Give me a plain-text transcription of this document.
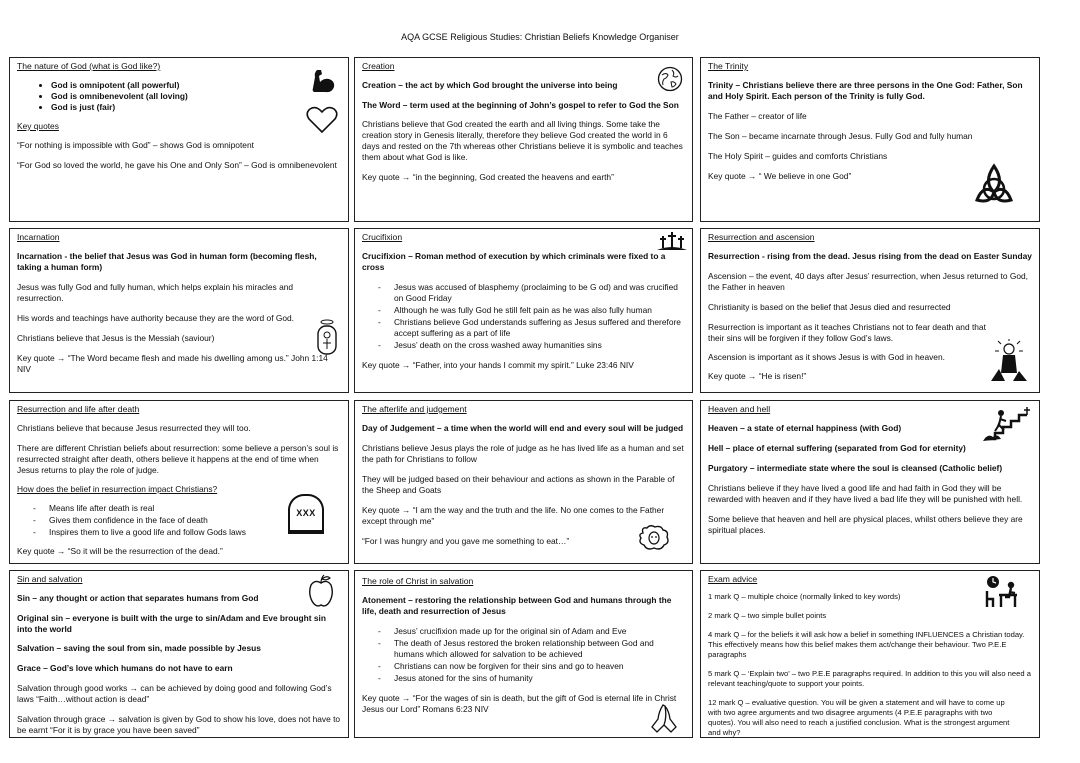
AQA GCSE Religious Studies: Christian Beliefs Knowledge Organiser
The nature of God (what is God like?)
• God is omnipotent (all powerful)
• God is omnibenevolent (all loving)
• God is just (fair)
Key quotes
“For nothing is impossible with God” – shows God is omnipotent
“For God so loved the world, he gave his One and Only Son” – God is omnibenevolent
Creation
Creation – the act by which God brought the universe into being
The Word – term used at the beginning of John’s gospel to refer to God the Son
Christians believe that God created the earth and all living things. Some take the creation story in Genesis literally, therefore they believe God created the world in 6 days and rested on the 7th whereas other Christians believe it is symbolic and teaches them about what God is like.
Key quote → “in the beginning, God created the heavens and earth”
The Trinity
Trinity – Christians believe there are three persons in the One God: Father, Son and Holy Spirit. Each person of the Trinity is fully God.
The Father – creator of life
The Son – became incarnate through Jesus. Fully God and fully human
The Holy Spirit – guides and comforts Christians
Key quote → “ We believe in one God”
Incarnation
Incarnation - the belief that Jesus was God in human form (becoming flesh, taking a human form)
Jesus was fully God and fully human, which helps explain his miracles and resurrection.
His words and teachings have authority because they are the word of God.
Christians believe that Jesus is the Messiah (saviour)
Key quote → “The Word became flesh and made his dwelling among us.” John 1:14 NIV
Crucifixion
Crucifixion – Roman method of execution by which criminals were fixed to a cross
- Jesus was accused of blasphemy (proclaiming to be G od) and was crucified on Good Friday
- Although he was fully God he still felt pain as he was also fully human
- Christians believe God understands suffering as Jesus suffered and therefore accept suffering as a part of life
- Jesus’ death on the cross washed away humanities sins
Key quote → “Father, into your hands I commit my spirit.” Luke 23:46 NIV
Resurrection and ascension
Resurrection - rising from the dead. Jesus rising from the dead on Easter Sunday
Ascension – the event, 40 days after Jesus’ resurrection, when Jesus returned to God, the Father in heaven
Christianity is based on the belief that Jesus died and resurrected
Resurrection is important as it teaches Christians not to fear death and that their sins will be forgiven if they follow God’s laws.
Ascension is important as it shows Jesus is with God in heaven.
Key quote → “He is risen!”
Resurrection and life after death
Christians believe that because Jesus resurrected they will too.
There are different Christian beliefs about resurrection: some believe a person’s soul is resurrected straight after death, others believe it happens at the end of time when Jesus returns to play the role of judge.
How does the belief in resurrection impact Christians?
- Means life after death is real
- Gives them confidence in the face of death
- Inspires them to live a good life and follow Gods laws
Key quote → “So it will be the resurrection of the dead.”
XXX
The afterlife and judgement
Day of Judgement – a time when the world will end and every soul will be judged
Christians believe Jesus plays the role of judge as he has lived life as a human and set the path for Christians to follow
They will be judged based on their behaviour and actions as shown in the Parable of the Sheep and Goats
Key quote → “I am the way and the truth and the life. No one comes to the Father except through me”
“For I was hungry and you gave me something to eat…”
Heaven and hell
Heaven – a state of eternal happiness (with God)
Hell – place of eternal suffering (separated from God for eternity)
Purgatory – intermediate state where the soul is cleansed (Catholic belief)
Christians believe if they have lived a good life and had faith in God they will be rewarded with heaven and if they have lived a bad life they will be punished with hell.
Some believe that heaven and hell are physical places, whilst others believe they are spiritual places.
Sin and salvation
Sin – any thought or action that separates humans from God
Original sin – everyone is built with the urge to sin/Adam and Eve brought sin into the world
Salvation – saving the soul from sin, made possible by Jesus
Grace – God’s love which humans do not have to earn
Salvation through good works → can be achieved by doing good and following God’s laws “Faith…without action is dead”
Salvation through grace → salvation is given by God to show his love, does not have to be earnt “For it is by grace you have been saved”
The role of Christ in salvation
Atonement – restoring the relationship between God and humans through the life, death and resurrection of Jesus
- Jesus’ crucifixion made up for the original sin of Adam and Eve
- The death of Jesus restored the broken relationship between God and humans which allowed for salvation to be achieved
- Christians can now be forgiven for their sins and go to heaven
- Jesus atoned for the sins of humanity
Key quote → “For the wages of sin is death, but the gift of God is eternal life in Christ Jesus our Lord” Romans 6:23 NIV
Exam advice
1 mark Q – multiple choice (normally linked to key words)
2 mark Q – two simple bullet points
4 mark Q – for the beliefs it will ask how a belief in something INFLUENCES a Christian today. This effectively means how this belief makes them act/change their behaviour. Two P.E.E paragraphs
5 mark Q – ‘Explain two’ – two P.E.E paragraphs required. In addition to this you will also need a relevant teaching/quote to support your points.
12 mark Q – evaluative question. You will be given a statement and will have to come up with two agree arguments and two disagree arguments (4 P.E.E paragraphs with two quotes). You will also need to reach a justified conclusion. What is the strongest argument and why?
